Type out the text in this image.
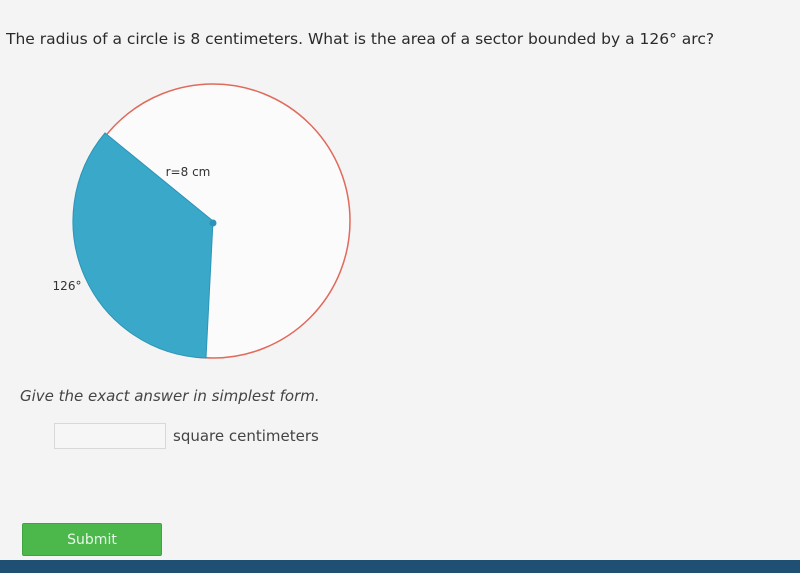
The radius of a circle is 8 centimeters. What is the area of a sector bounded by a 126° arc?
r=8 cm
126°
Give the exact answer in simplest form.
square centimeters
Submit
